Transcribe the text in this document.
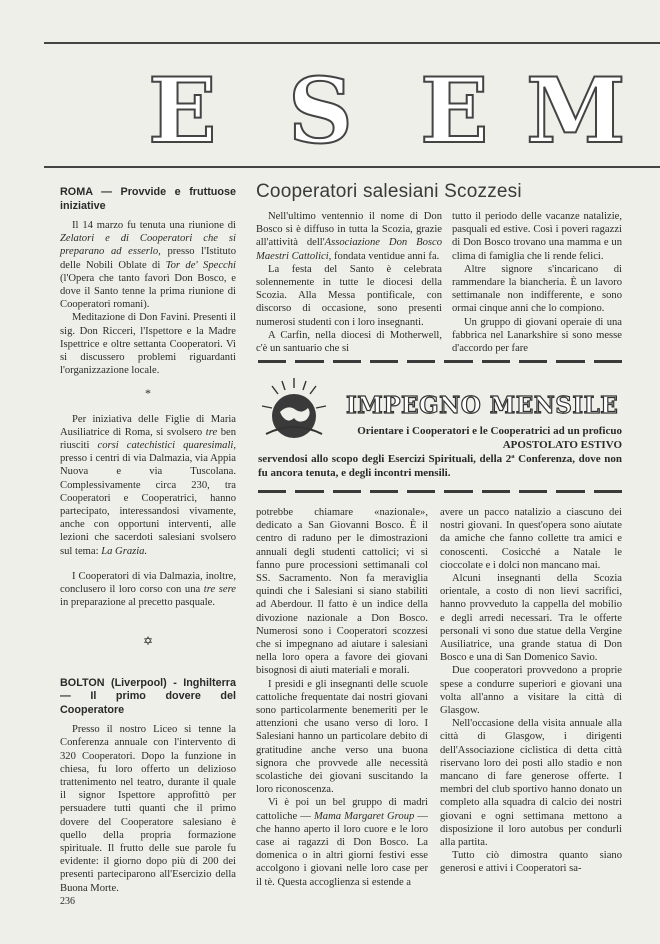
E S E M

ROMA — Provvide e fruttuose iniziative

Il 14 marzo fu tenuta una riunione di Zelatori e di Cooperatori che si preparano ad esserlo, presso l'Istituto delle Nobili Oblate di Tor de' Specchi (l'Opera che tanto favorì Don Bosco, e dove il Santo tenne la prima riunione di Cooperatori romani).

Meditazione di Don Favini. Presenti il sig. Don Ricceri, l'Ispettore e la Madre Ispettrice e oltre settanta Cooperatori. Vi si discussero problemi riguardanti l'organizzazione locale.

*

Per iniziativa delle Figlie di Maria Ausiliatrice di Roma, si svolsero tre ben riusciti corsi catechistici quaresimali, presso i centri di via Dalmazia, via Appia Nuova e via Tuscolana. Complessivamente circa 230, tra Cooperatori e Cooperatrici, hanno partecipato, interessandosi vivamente, anche con opportuni interventi, alle lezioni che sacerdoti salesiani svolsero sul tema: La Grazia.

I Cooperatori di via Dalmazia, inoltre, conclusero il loro corso con una tre sere in preparazione al precetto pasquale.

✡

BOLTON (Liverpool) - Inghilterra — Il primo dovere del Cooperatore

Presso il nostro Liceo si tenne la Conferenza annuale con l'intervento di 320 Cooperatori. Dopo la funzione in chiesa, fu loro offerto un delizioso trattenimento nel teatro, durante il quale il signor Ispettore approfittò per persuadere tutti quanti che il primo dovere del Cooperatore salesiano è quello della propria formazione spirituale. Il frutto delle sue parole fu evidente: il giorno dopo più di 200 dei presenti parteciparono all'Esercizio della Buona Morte.

Cooperatori salesiani Scozzesi

Nell'ultimo ventennio il nome di Don Bosco si è diffuso in tutta la Scozia, grazie all'attività dell'Associazione Don Bosco Maestri Cattolici, fondata ventidue anni fa.

La festa del Santo è celebrata solennemente in tutte le diocesi della Scozia. Alla Messa pontificale, con discorso di occasione, sono presenti numerosi studenti con i loro insegnanti.

A Carfin, nella diocesi di Motherwell, c'è un santuario che si

tutto il periodo delle vacanze natalizie, pasquali ed estive. Così i poveri ragazzi di Don Bosco trovano una mamma e un clima di famiglia che li rende felici.

Altre signore s'incaricano di rammendare la biancheria. È un lavoro settimanale non indifferente, e sono ormai cinque anni che lo compiono.

Un gruppo di giovani operaie di una fabbrica nel Lanarkshire si sono messe d'accordo per fare

IMPEGNO MENSILE
Orientare i Cooperatori e le Cooperatrici ad un proficuo APOSTOLATO ESTIVO
servendosi allo scopo degli Esercizi Spirituali, della 2ª Conferenza, dove non fu ancora tenuta, e degli incontri mensili.

potrebbe chiamare «nazionale», dedicato a San Giovanni Bosco. È il centro di raduno per le dimostrazioni annuali degli studenti cattolici; vi si fanno pure processioni settimanali col SS. Sacramento. Non fa meraviglia quindi che i Salesiani si siano stabiliti ad Aberdour. Il fatto è un indice della divozione nazionale a Don Bosco. Numerosi sono i Cooperatori scozzesi che si impegnano ad aiutare i salesiani nella loro opera a favore dei giovani bisognosi di aiuti materiali e morali.

I presidi e gli insegnanti delle scuole cattoliche frequentate dai nostri giovani sono particolarmente benemeriti per le attenzioni che usano verso di loro. I Salesiani hanno un particolare debito di gratitudine anche verso una buona signora che provvede alle necessità scolastiche dei giovani suscitando la loro riconoscenza.

Vi è poi un bel gruppo di madri cattoliche — Mama Margaret Group — che hanno aperto il loro cuore e le loro case ai ragazzi di Don Bosco. La domenica o in altri giorni festivi esse accolgono i giovani nelle loro case per il tè. Questa accoglienza si estende a

avere un pacco natalizio a ciascuno dei nostri giovani. In quest'opera sono aiutate da amiche che fanno collette tra amici e conoscenti. Cosicché a Natale le cioccolate e i dolci non mancano mai.

Alcuni insegnanti della Scozia orientale, a costo di non lievi sacrifici, hanno provveduto la cappella del mobilio e degli arredi necessari. Tra le offerte personali vi sono due statue della Vergine Ausiliatrice, una grande statua di Don Bosco e una di San Domenico Savio.

Due cooperatori provvedono a proprie spese a condurre superiori e giovani una volta all'anno a visitare la città di Glasgow.

Nell'occasione della visita annuale alla città di Glasgow, i dirigenti dell'Associazione ciclistica di detta città riservano loro dei posti allo stadio e non mancano di fare generose offerte. I membri del club sportivo hanno donato un completo alla squadra di calcio dei nostri giovani e ogni settimana mettono a disposizione il loro autobus per condurli alla partita.

Tutto ciò dimostra quanto siano generosi e attivi i Cooperatori sa-

236
